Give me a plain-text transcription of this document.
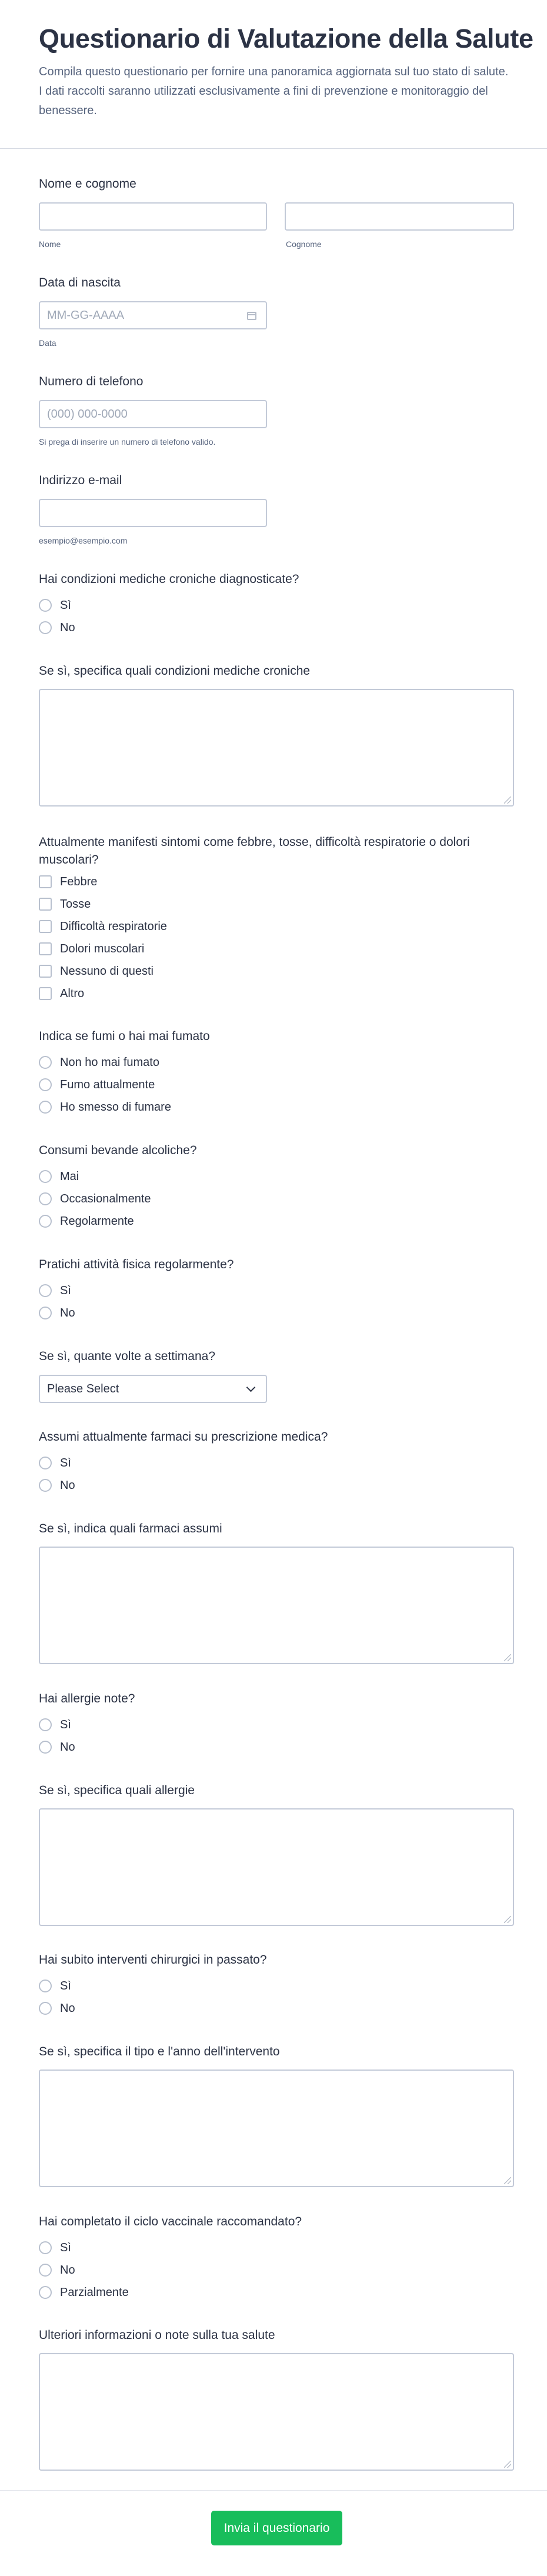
Questionario di Valutazione della Salute

Compila questo questionario per fornire una panoramica aggiornata sul tuo stato di salute. I dati raccolti saranno utilizzati esclusivamente a fini di prevenzione e monitoraggio del benessere.

Nome e cognome
Nome	Cognome
Data di nascita
MM-GG-AAAA
Data
Numero di telefono
(000) 000-0000
Si prega di inserire un numero di telefono valido.
Indirizzo e-mail
esempio@esempio.com
Hai condizioni mediche croniche diagnosticate?
Sì
No
Se sì, specifica quali condizioni mediche croniche
Attualmente manifesti sintomi come febbre, tosse, difficoltà respiratorie o dolori muscolari?
Febbre
Tosse
Difficoltà respiratorie
Dolori muscolari
Nessuno di questi
Altro
Indica se fumi o hai mai fumato
Non ho mai fumato
Fumo attualmente
Ho smesso di fumare
Consumi bevande alcoliche?
Mai
Occasionalmente
Regolarmente
Pratichi attività fisica regolarmente?
Sì
No
Se sì, quante volte a settimana?
Please Select
Assumi attualmente farmaci su prescrizione medica?
Sì
No
Se sì, indica quali farmaci assumi
Hai allergie note?
Sì
No
Se sì, specifica quali allergie
Hai subito interventi chirurgici in passato?
Sì
No
Se sì, specifica il tipo e l'anno dell'intervento
Hai completato il ciclo vaccinale raccomandato?
Sì
No
Parzialmente
Ulteriori informazioni o note sulla tua salute
Invia il questionario
